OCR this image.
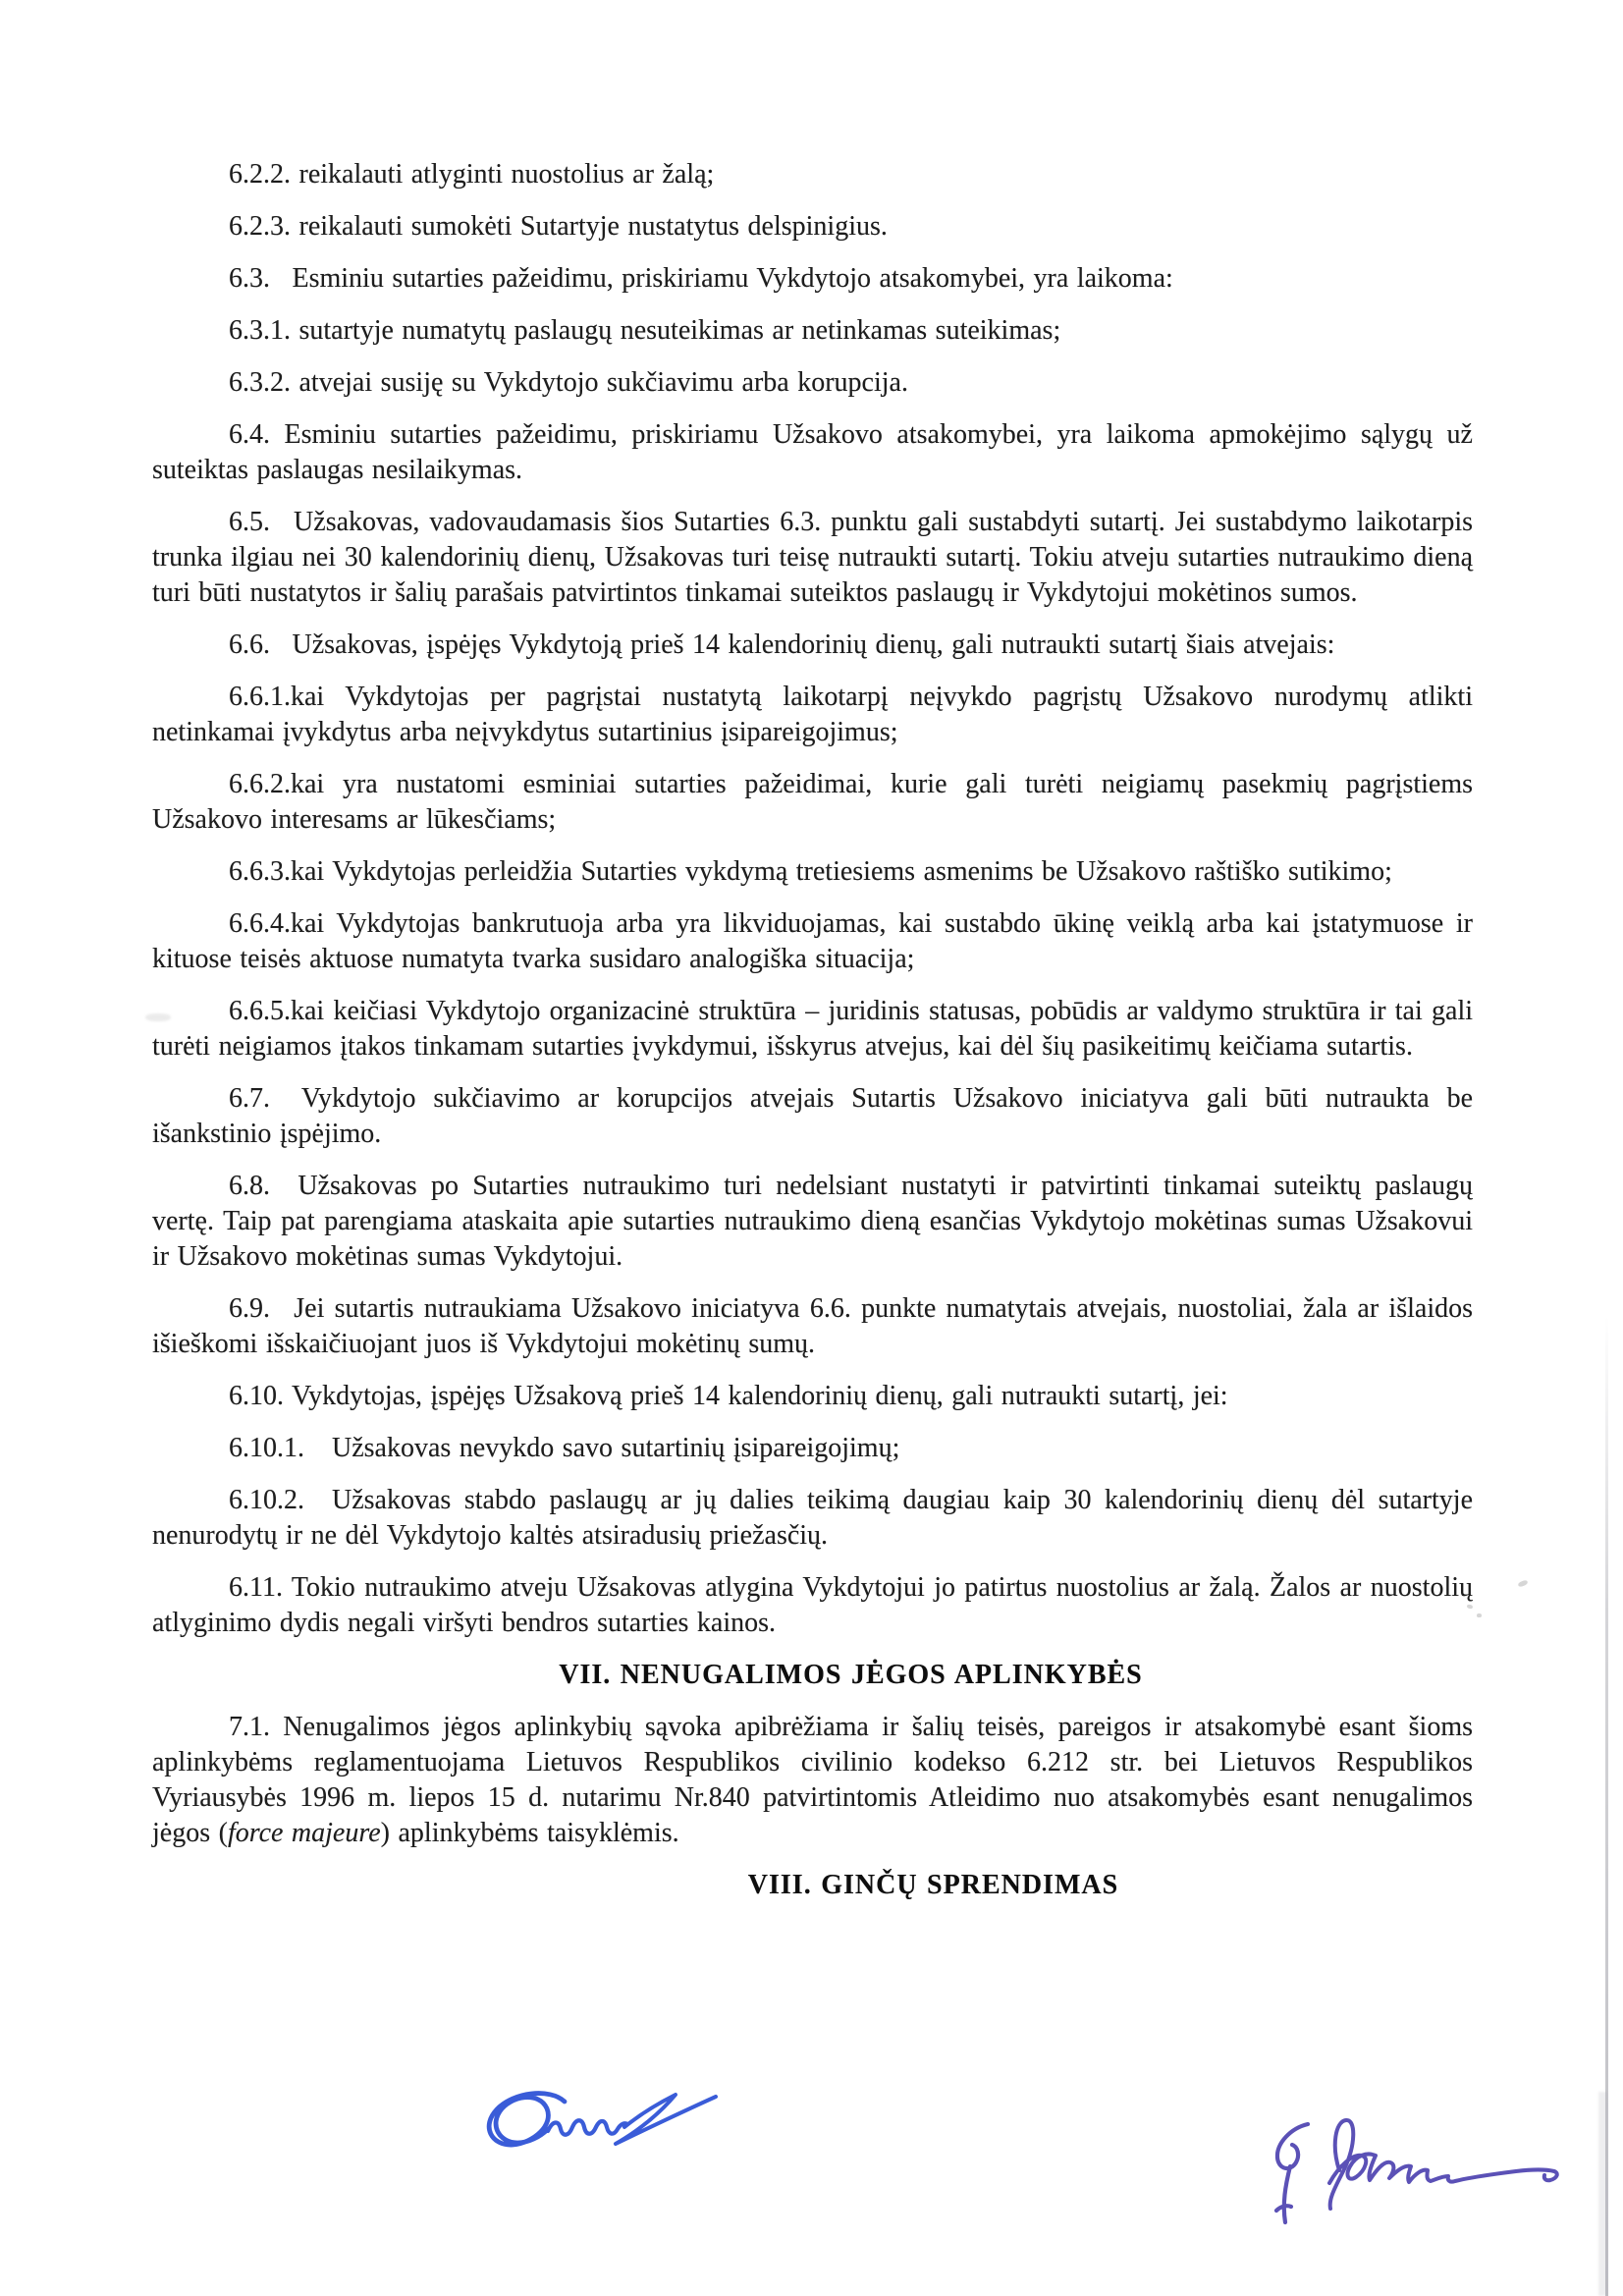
6.2.2. reikalauti atlyginti nuostolius ar žalą;

6.2.3. reikalauti sumokėti Sutartyje nustatytus delspinigius.

6.3.  Esminiu sutarties pažeidimu, priskiriamu Vykdytojo atsakomybei, yra laikoma:

6.3.1. sutartyje numatytų paslaugų nesuteikimas ar netinkamas suteikimas;

6.3.2. atvejai susiję su Vykdytojo sukčiavimu arba korupcija.

6.4. Esminiu sutarties pažeidimu, priskiriamu Užsakovo atsakomybei, yra laikoma apmokėjimo sąlygų už suteiktas paslaugas nesilaikymas.

6.5.  Užsakovas, vadovaudamasis šios Sutarties 6.3. punktu gali sustabdyti sutartį. Jei sustabdymo laikotarpis trunka ilgiau nei 30 kalendorinių dienų, Užsakovas turi teisę nutraukti sutartį. Tokiu atveju sutarties nutraukimo dieną turi būti nustatytos ir šalių parašais patvirtintos tinkamai suteiktos paslaugų ir Vykdytojui mokėtinos sumos.

6.6.  Užsakovas, įspėjęs Vykdytoją prieš 14 kalendorinių dienų, gali nutraukti sutartį šiais atvejais:

6.6.1.kai Vykdytojas per pagrįstai nustatytą laikotarpį neįvykdo pagrįstų Užsakovo nurodymų atlikti netinkamai įvykdytus arba neįvykdytus sutartinius įsipareigojimus;

6.6.2.kai yra nustatomi esminiai sutarties pažeidimai, kurie gali turėti neigiamų pasekmių pagrįstiems Užsakovo interesams ar lūkesčiams;

6.6.3.kai Vykdytojas perleidžia Sutarties vykdymą tretiesiems asmenims be Užsakovo raštiško sutikimo;

6.6.4.kai Vykdytojas bankrutuoja arba yra likviduojamas, kai sustabdo ūkinę veiklą arba kai įstatymuose ir kituose teisės aktuose numatyta tvarka susidaro analogiška situacija;

6.6.5.kai keičiasi Vykdytojo organizacinė struktūra – juridinis statusas, pobūdis ar valdymo struktūra ir tai gali turėti neigiamos įtakos tinkamam sutarties įvykdymui, išskyrus atvejus, kai dėl šių pasikeitimų keičiama sutartis.

6.7.  Vykdytojo sukčiavimo ar korupcijos atvejais Sutartis Užsakovo iniciatyva gali būti nutraukta be išankstinio įspėjimo.

6.8.  Užsakovas po Sutarties nutraukimo turi nedelsiant nustatyti ir patvirtinti tinkamai suteiktų paslaugų vertę. Taip pat parengiama ataskaita apie sutarties nutraukimo dieną esančias Vykdytojo mokėtinas sumas Užsakovui ir Užsakovo mokėtinas sumas Vykdytojui.

6.9.  Jei sutartis nutraukiama Užsakovo iniciatyva 6.6. punkte numatytais atvejais, nuostoliai, žala ar išlaidos išieškomi išskaičiuojant juos iš Vykdytojui mokėtinų sumų.

6.10. Vykdytojas, įspėjęs Užsakovą prieš 14 kalendorinių dienų, gali nutraukti sutartį, jei:

6.10.1. Užsakovas nevykdo savo sutartinių įsipareigojimų;

6.10.2. Užsakovas stabdo paslaugų ar jų dalies teikimą daugiau kaip 30 kalendorinių dienų dėl sutartyje nenurodytų ir ne dėl Vykdytojo kaltės atsiradusių priežasčių.

6.11. Tokio nutraukimo atveju Užsakovas atlygina Vykdytojui jo patirtus nuostolius ar žalą. Žalos ar nuostolių atlyginimo dydis negali viršyti bendros sutarties kainos.

VII. NENUGALIMOS JĖGOS APLINKYBĖS

7.1. Nenugalimos jėgos aplinkybių sąvoka apibrėžiama ir šalių teisės, pareigos ir atsakomybė esant šioms aplinkybėms reglamentuojama Lietuvos Respublikos civilinio kodekso 6.212 str. bei Lietuvos Respublikos Vyriausybės 1996 m. liepos 15 d. nutarimu Nr.840 patvirtintomis Atleidimo nuo atsakomybės esant nenugalimos jėgos (force majeure) aplinkybėms taisyklėmis.

VIII. GINČŲ SPRENDIMAS
